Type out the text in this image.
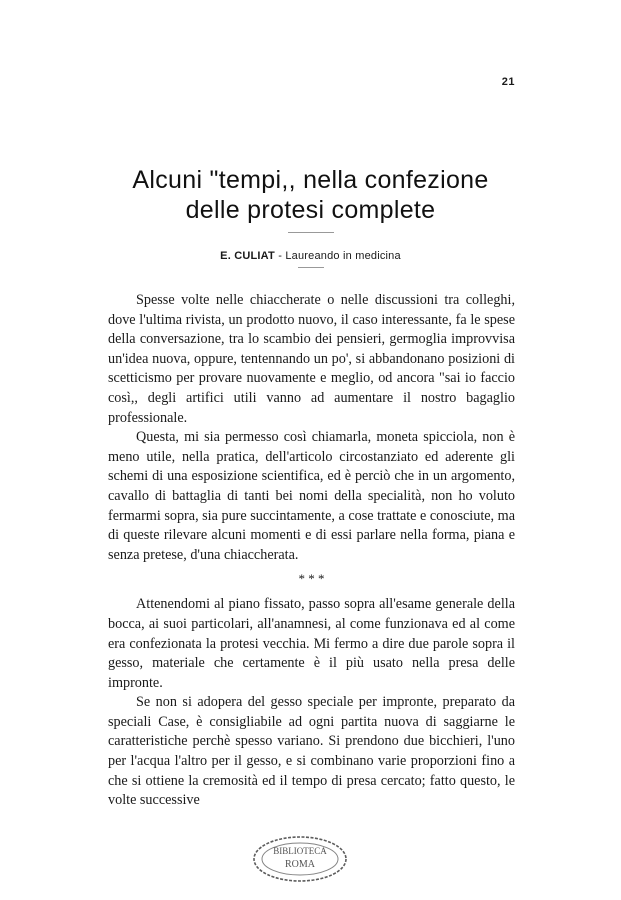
21
Alcuni "tempi,, nella confezione
delle protesi complete
E. CULIAT - Laureando in medicina

Spesse volte nelle chiaccherate o nelle discussioni tra colleghi, dove l'ultima rivista, un prodotto nuovo, il caso interessante, fa le spese della conversazione, tra lo scambio dei pensieri, germoglia improvvisa un'idea nuova, oppure, tentennando un po', si abbandonano posizioni di scetticismo per provare nuovamente e meglio, od ancora "sai io faccio così,, degli artifici utili vanno ad aumentare il nostro bagaglio professionale.

Questa, mi sia permesso così chiamarla, moneta spicciola, non è meno utile, nella pratica, dell'articolo circostanziato ed aderente gli schemi di una esposizione scientifica, ed è perciò che in un argomento, cavallo di battaglia di tanti bei nomi della specialità, non ho voluto fermarmi sopra, sia pure succintamente, a cose trattate e conosciute, ma di queste rilevare alcuni momenti e di essi parlare nella forma, piana e senza pretese, d'una chiaccherata.

* * *

Attenendomi al piano fissato, passo sopra all'esame generale della bocca, ai suoi particolari, all'anamnesi, al come funzionava ed al come era confezionata la protesi vecchia. Mi fermo a dire due parole sopra il gesso, materiale che certamente è il più usato nella presa delle impronte.

Se non si adopera del gesso speciale per impronte, preparato da speciali Case, è consigliabile ad ogni partita nuova di saggiarne le caratteristiche perchè spesso variano. Si prendono due bicchieri, l'uno per l'acqua l'altro per il gesso, e si combinano varie proporzioni fino a che si ottiene la cremosità ed il tempo di presa cercato; fatto questo, le volte successive

BIBLIOTECA
ROMA
